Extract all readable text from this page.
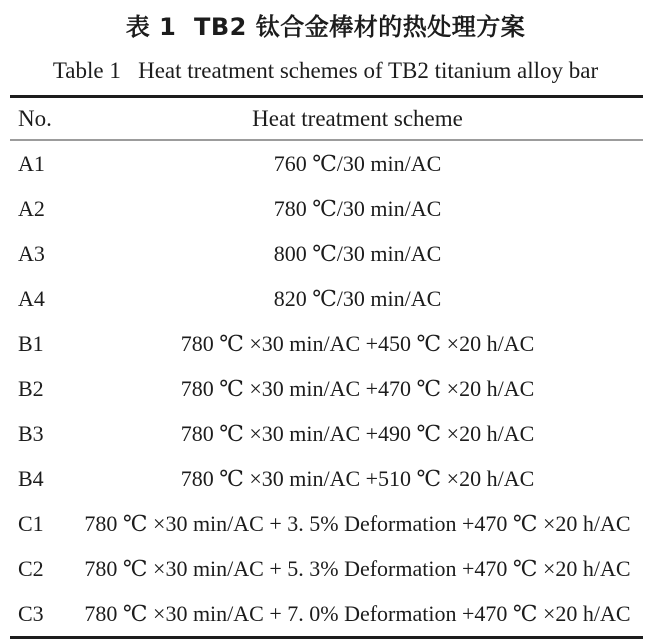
表 1  TB2 钛合金棒材的热处理方案
Table 1 Heat treatment schemes of TB2 titanium alloy bar
No.	Heat treatment scheme
A1	760 ℃/30 min/AC
A2	780 ℃/30 min/AC
A3	800 ℃/30 min/AC
A4	820 ℃/30 min/AC
B1	780 ℃ ×30 min/AC +450 ℃ ×20 h/AC
B2	780 ℃ ×30 min/AC +470 ℃ ×20 h/AC
B3	780 ℃ ×30 min/AC +490 ℃ ×20 h/AC
B4	780 ℃ ×30 min/AC +510 ℃ ×20 h/AC
C1	780 ℃ ×30 min/AC + 3. 5% Deformation +470 ℃ ×20 h/AC
C2	780 ℃ ×30 min/AC + 5. 3% Deformation +470 ℃ ×20 h/AC
C3	780 ℃ ×30 min/AC + 7. 0% Deformation +470 ℃ ×20 h/AC
